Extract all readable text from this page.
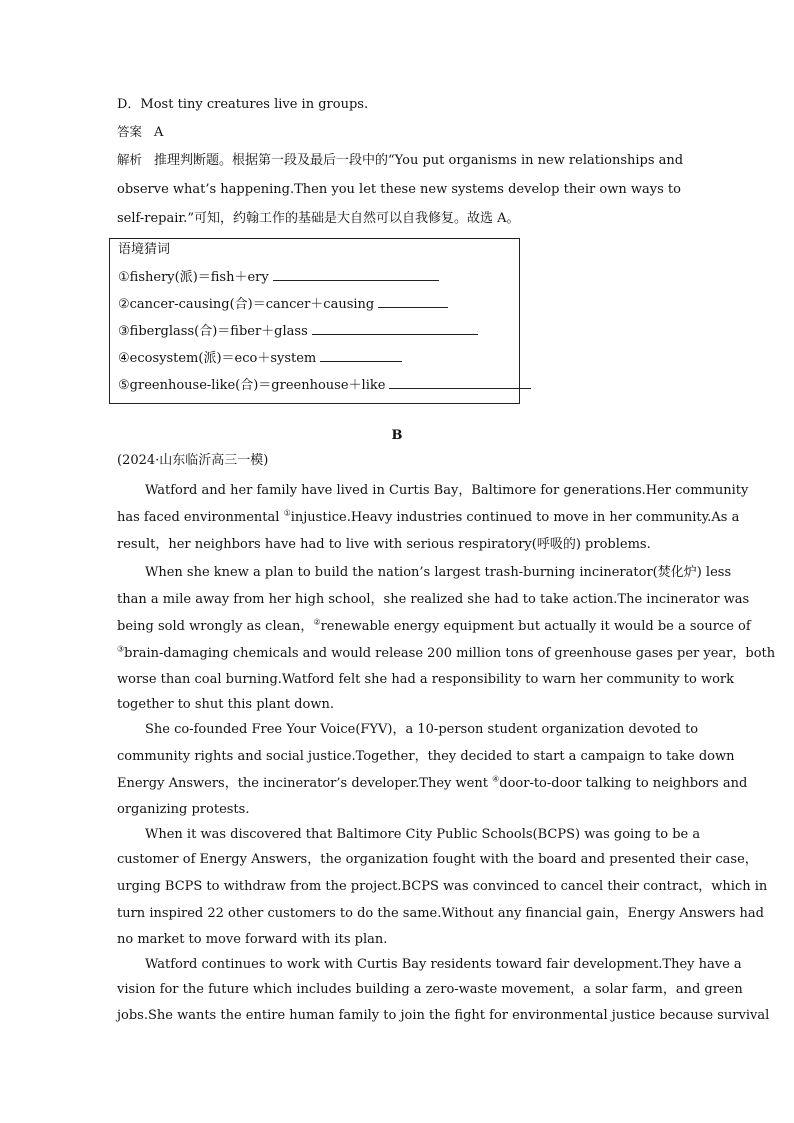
D．Most tiny creatures live in groups.
答案 A
解析 推理判断题。根据第一段及最后一段中的“You put organisms in new relationships and
observe what’s happening.Then you let these new systems develop their own ways to
self-repair.”可知，约翰工作的基础是大自然可以自我修复。故选 A。
语境猜词
①fishery(派)＝fish＋ery
②cancer-causing(合)＝cancer＋causing
③fiberglass(合)＝fiber＋glass
④ecosystem(派)＝eco＋system
⑤greenhouse-like(合)＝greenhouse＋like
B
(2024·山东临沂高三一模)
Watford and her family have lived in Curtis Bay，Baltimore for generations.Her community
has faced environmental ①injustice.Heavy industries continued to move in her community.As a
result，her neighbors have had to live with serious respiratory(呼吸的) problems.
When she knew a plan to build the nation’s largest trash-burning incinerator(焚化炉) less
than a mile away from her high school，she realized she had to take action.The incinerator was
being sold wrongly as clean，②renewable energy equipment but actually it would be a source of
③brain-damaging chemicals and would release 200 million tons of greenhouse gases per year，both
worse than coal burning.Watford felt she had a responsibility to warn her community to work
together to shut this plant down.
She co-founded Free Your Voice(FYV)，a 10-person student organization devoted to
community rights and social justice.Together，they decided to start a campaign to take down
Energy Answers，the incinerator’s developer.They went ④door-to-door talking to neighbors and
organizing protests.
When it was discovered that Baltimore City Public Schools(BCPS) was going to be a
customer of Energy Answers，the organization fought with the board and presented their case，
urging BCPS to withdraw from the project.BCPS was convinced to cancel their contract，which in
turn inspired 22 other customers to do the same.Without any financial gain，Energy Answers had
no market to move forward with its plan.
Watford continues to work with Curtis Bay residents toward fair development.They have a
vision for the future which includes building a zero-waste movement，a solar farm，and green
jobs.She wants the entire human family to join the fight for environmental justice because survival
